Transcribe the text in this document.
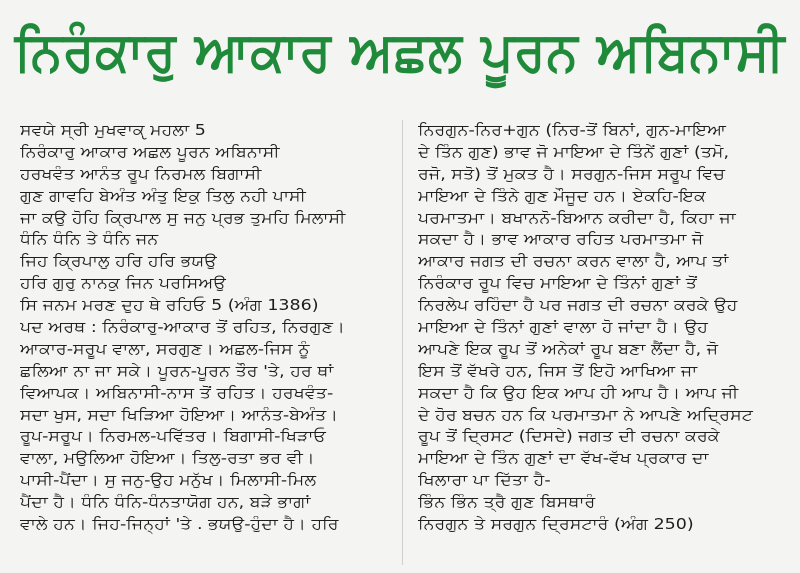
ਨਿਰੰਕਾਰੁ ਆਕਾਰ ਅਛਲ ਪੂਰਨ ਅਬਿਨਾਸੀ
ਸਵਯੇ ਸ੍ਰੀ ਮੁਖਵਾਕੵ ਮਹਲਾ 5
ਨਿਰੰਕਾਰੁ ਆਕਾਰ ਅਛਲ ਪੂਰਨ ਅਬਿਨਾਸੀ
ਹਰਖਵੰਤ ਆਨੰਤ ਰੂਪ ਨਿਰਮਲ ਬਿਗਾਸੀ
ਗੁਣ ਗਾਵਹਿ ਬੇਅੰਤ ਅੰਤੁ ਇਕੁ ਤਿਲੁ ਨਹੀ ਪਾਸੀ
ਜਾ ਕਉ ਹੋਹਿ ਕ੍ਰਿਪਾਲ ਸੁ ਜਨੁ ਪ੍ਰਭ ਤੁਮਹਿ ਮਿਲਾਸੀ
ਧੰਨਿ ਧੰਨਿ ਤੇ ਧੰਨਿ ਜਨ
ਜਿਹ ਕ੍ਰਿਪਾਲੁ ਹਰਿ ਹਰਿ ਭਯਉ
ਹਰਿ ਗੁਰੁ ਨਾਨਕੁ ਜਿਨ ਪਰਸਿਅਉ
ਸਿ ਜਨਮ ਮਰਣ ਦੁਹ ਥੇ ਰਹਿਓ 5 (ਅੰਗ 1386)
ਪਦ ਅਰਥ : ਨਿਰੰਕਾਰੁ-ਆਕਾਰ ਤੋਂ ਰਹਿਤ, ਨਿਰਗੁਣ।
ਆਕਾਰ-ਸਰੂਪ ਵਾਲਾ, ਸਰਗੁਣ। ਅਛਲ-ਜਿਸ ਨੂੰ
ਛਲਿਆ ਨਾ ਜਾ ਸਕੇ। ਪੂਰਨ-ਪੂਰਨ ਤੌਰ 'ਤੇ, ਹਰ ਥਾਂ
ਵਿਆਪਕ। ਅਬਿਨਾਸੀ-ਨਾਸ ਤੋਂ ਰਹਿਤ। ਹਰਖਵੰਤ-
ਸਦਾ ਖੁਸ, ਸਦਾ ਖਿੜਿਆ ਹੋਇਆ। ਆਨੰਤ-ਬੇਅੰਤ।
ਰੂਪ-ਸਰੂਪ। ਨਿਰਮਲ-ਪਵਿੱਤਰ। ਬਿਗਾਸੀ-ਖਿੜਾਓ
ਵਾਲਾ, ਮਉਲਿਆ ਹੋਇਆ। ਤਿਲੁ-ਰਤਾ ਭਰ ਵੀ।
ਪਾਸੀ-ਪੈਂਦਾ। ਸੁ ਜਨੁ-ਉਹ ਮਨੁੱਖ। ਮਿਲਾਸੀ-ਮਿਲ
ਪੈਂਦਾ ਹੈ। ਧੰਨਿ ਧੰਨਿ-ਧੰਨਤਾਯੋਗ ਹਨ, ਬੜੇ ਭਾਗਾਂ
ਵਾਲੇ ਹਨ। ਜਿਹ-ਜਿਨ੍ਹਾਂ 'ਤੇ . ਭਯਉ-ਹੁੰਦਾ ਹੈ। ਹਰਿ
ਨਿਰਗੁਨ-ਨਿਰ+ਗੁਨ (ਨਿਰ-ਤੋਂ ਬਿਨਾਂ, ਗੁਨ-ਮਾਇਆ
ਦੇ ਤਿੰਨ ਗੁਣ) ਭਾਵ ਜੋ ਮਾਇਆ ਦੇ ਤਿੰਨੇਂ ਗੁਣਾਂ (ਤਮੋ,
ਰਜੋ, ਸਤੋ) ਤੋਂ ਮੁਕਤ ਹੈ। ਸਰਗੁਨ-ਜਿਸ ਸਰੂਪ ਵਿਚ
ਮਾਇਆ ਦੇ ਤਿੰਨੇ ਗੁਣ ਮੌਜੂਦ ਹਨ। ਏਕਹਿ-ਇਕ
ਪਰਮਾਤਮਾ। ਬਖਾਨਨੋ-ਬਿਆਨ ਕਰੀਦਾ ਹੈ, ਕਿਹਾ ਜਾ
ਸਕਦਾ ਹੈ। ਭਾਵ ਆਕਾਰ ਰਹਿਤ ਪਰਮਾਤਮਾ ਜੋ
ਆਕਾਰ ਜਗਤ ਦੀ ਰਚਨਾ ਕਰਨ ਵਾਲਾ ਹੈ, ਆਪ ਤਾਂ
ਨਿਰੰਕਾਰ ਰੂਪ ਵਿਚ ਮਾਇਆ ਦੇ ਤਿੰਨਾਂ ਗੁਣਾਂ ਤੋਂ
ਨਿਰਲੇਪ ਰਹਿੰਦਾ ਹੈ ਪਰ ਜਗਤ ਦੀ ਰਚਨਾ ਕਰਕੇ ਉਹ
ਮਾਇਆ ਦੇ ਤਿੰਨਾਂ ਗੁਣਾਂ ਵਾਲਾ ਹੋ ਜਾਂਦਾ ਹੈ। ਉਹ
ਆਪਣੇ ਇਕ ਰੂਪ ਤੋਂ ਅਨੇਕਾਂ ਰੂਪ ਬਣਾ ਲੈਂਦਾ ਹੈ, ਜੋ
ਇਸ ਤੋਂ ਵੱਖਰੇ ਹਨ, ਜਿਸ ਤੋਂ ਇਹੋ ਆਖਿਆ ਜਾ
ਸਕਦਾ ਹੈ ਕਿ ਉਹ ਇਕ ਆਪ ਹੀ ਆਪ ਹੈ। ਆਪ ਜੀ
ਦੇ ਹੋਰ ਬਚਨ ਹਨ ਕਿ ਪਰਮਾਤਮਾ ਨੇ ਆਪਣੇ ਅਦ੍ਰਿਸਟ
ਰੂਪ ਤੋਂ ਦ੍ਰਿਸਟ (ਦਿਸਦੇ) ਜਗਤ ਦੀ ਰਚਨਾ ਕਰਕੇ
ਮਾਇਆ ਦੇ ਤਿੰਨ ਗੁਣਾਂ ਦਾ ਵੱਖ-ਵੱਖ ਪ੍ਰਕਾਰ ਦਾ
ਖਿਲਾਰਾ ਪਾ ਦਿੱਤਾ ਹੈ-
ਭਿੰਨ ਭਿੰਨ ਤ੍ਰੈ ਗੁਣ ਬਿਸਥਾਰੰ
ਨਿਰਗੁਨ ਤੇ ਸਰਗੁਨ ਦ੍ਰਿਸਟਾਰੰ (ਅੰਗ 250)
